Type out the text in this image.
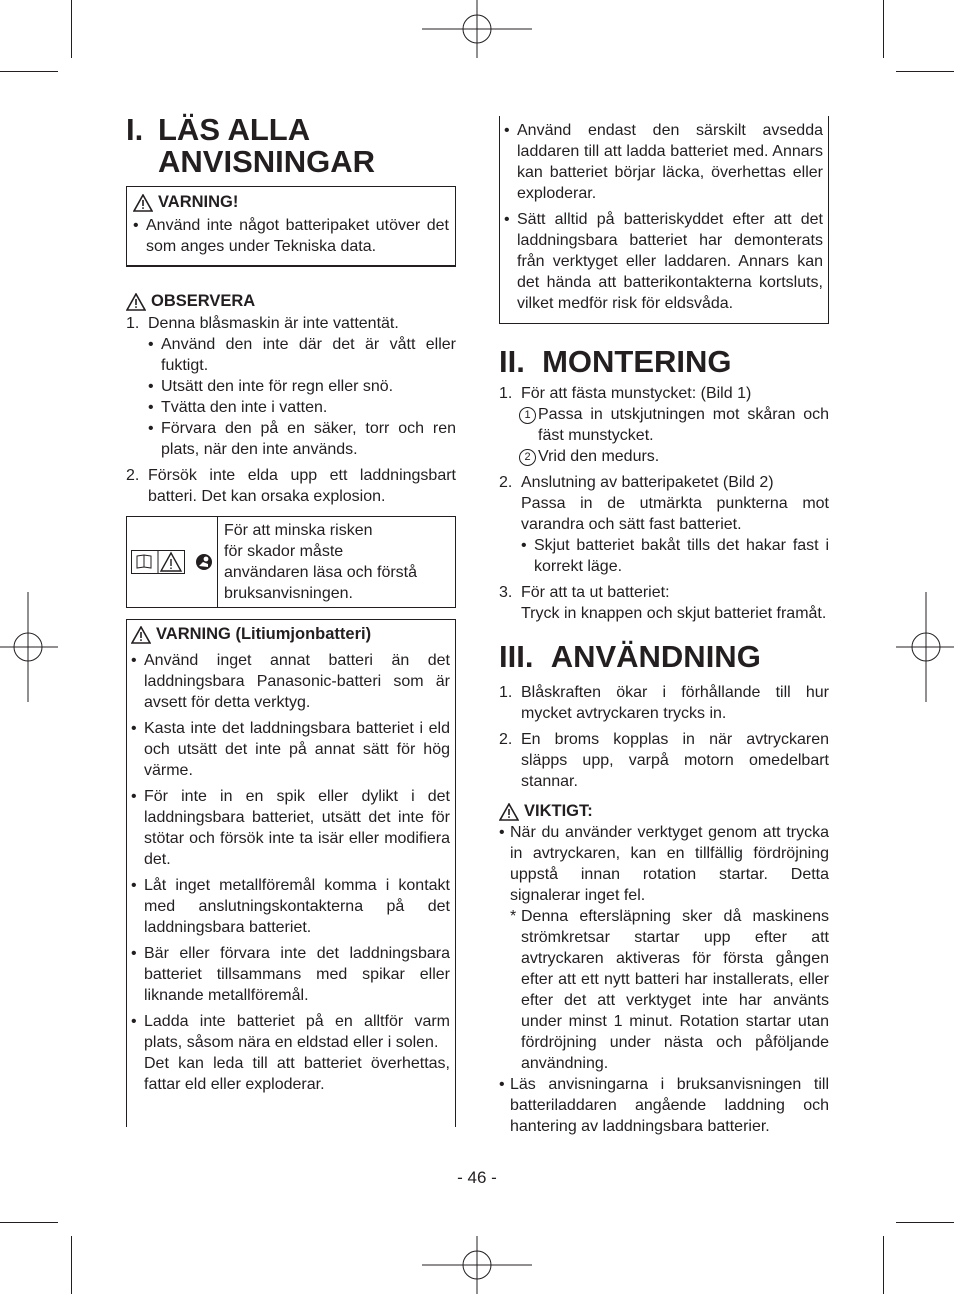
I. LÄS ALLA
ANVISNINGAR
VARNING!
• Använd inte något batteripaket utöver det som anges under Tekniska data.
OBSERVERA
1. Denna blåsmaskin är inte vattentät.
• Använd den inte där det är vått eller fuktigt.
• Utsätt den inte för regn eller snö.
• Tvätta den inte i vatten.
• Förvara den på en säker, torr och ren plats, när den inte används.
2. Försök inte elda upp ett laddningsbart batteri. Det kan orsaka explosion.
För att minska risken
för skador måste
användaren läsa och förstå
bruksanvisningen.
VARNING (Litiumjonbatteri)
• Använd inget annat batteri än det laddningsbara Panasonic-batteri som är avsett för detta verktyg.
• Kasta inte det laddningsbara batteriet i eld och utsätt det inte på annat sätt för hög värme.
• För inte in en spik eller dylikt i det laddningsbara batteriet, utsätt det inte för stötar och försök inte ta isär eller modifiera det.
• Låt inget metallföremål komma i kontakt med anslutningskontakterna på det laddningsbara batteriet.
• Bär eller förvara inte det laddningsbara batteriet tillsammans med spikar eller liknande metallföremål.
• Ladda inte batteriet på en alltför varm plats, såsom nära en eldstad eller i solen.
Det kan leda till att batteriet överhettas, fattar eld eller exploderar.
• Använd endast den särskilt avsedda laddaren till att ladda batteriet med. Annars kan batteriet börjar läcka, överhettas eller exploderar.
• Sätt alltid på batteriskyddet efter att det laddningsbara batteriet har demonterats från verktyget eller laddaren. Annars kan det hända att batterikontakterna kortsluts, vilket medför risk för eldsvåda.
II. MONTERING
1. För att fästa munstycket: (Bild 1)
1 Passa in utskjutningen mot skåran och fäst munstycket.
2 Vrid den medurs.
2. Anslutning av batteripaketet (Bild 2)
Passa in de utmärkta punkterna mot varandra och sätt fast batteriet.
• Skjut batteriet bakåt tills det hakar fast i korrekt läge.
3. För att ta ut batteriet:
Tryck in knappen och skjut batteriet framåt.
III. ANVÄNDNING
1. Blåskraften ökar i förhållande till hur mycket avtryckaren trycks in.
2. En broms kopplas in när avtryckaren släpps upp, varpå motorn omedelbart stannar.
VIKTIGT:
• När du använder verktyget genom att trycka in avtryckaren, kan en tillfällig fördröjning uppstå innan rotation startar. Detta signalerar inget fel.
* Denna eftersläpning sker då maskinens strömkretsar startar upp efter att avtryckaren aktiveras för första gången efter att ett nytt batteri har installerats, eller efter det att verktyget inte har använts under minst 1 minut. Rotation startar utan fördröjning under nästa och påföljande användning.
• Läs anvisningarna i bruksanvisningen till batteriladdaren angående laddning och hantering av laddningsbara batterier.
- 46 -
